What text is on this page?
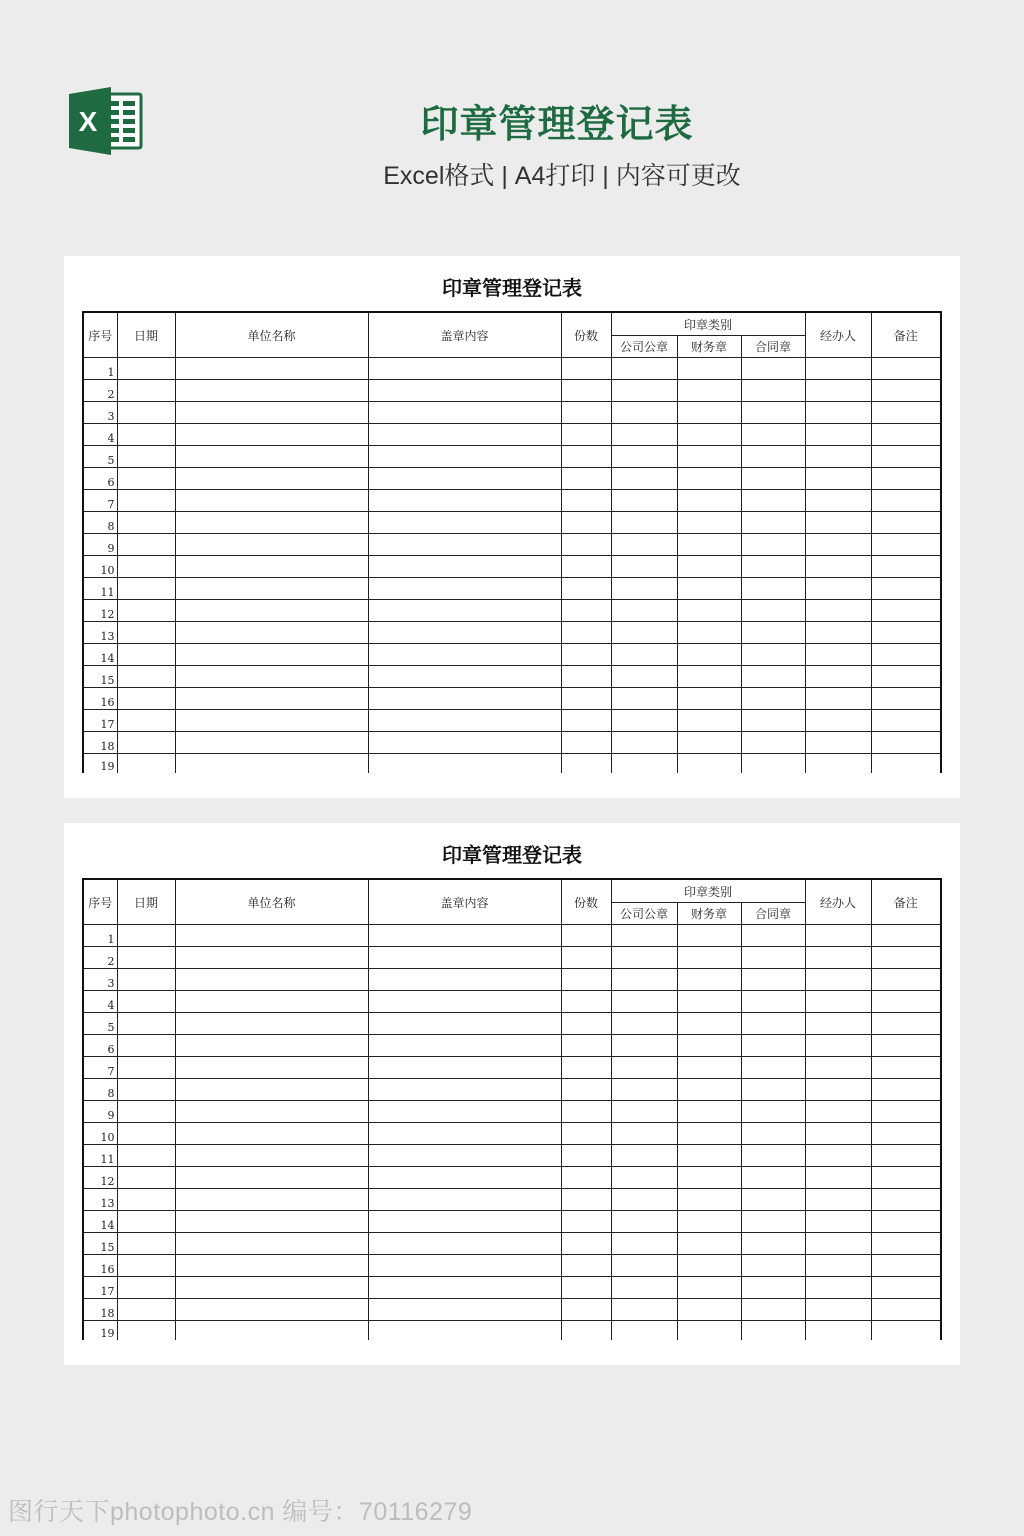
X	印章管理登记表
Excel格式 | A4打印 | 内容可更改
印章管理登记表
序号	日期	单位名称	盖章内容	份数	印章类别			经办人	备注
					公司公章	财务章	合同章		
1									
2									
3									
4									
5									
6									
7									
8									
9									
10									
11									
12									
13									
14									
15									
16									
17									
18									
19									
印章管理登记表
序号	日期	单位名称	盖章内容	份数	印章类别			经办人	备注
					公司公章	财务章	合同章		
1									
2									
3									
4									
5									
6									
7									
8									
9									
10									
11									
12									
13									
14									
15									
16									
17									
18									
19									
图行天下photophoto.cn 编号：70116279
